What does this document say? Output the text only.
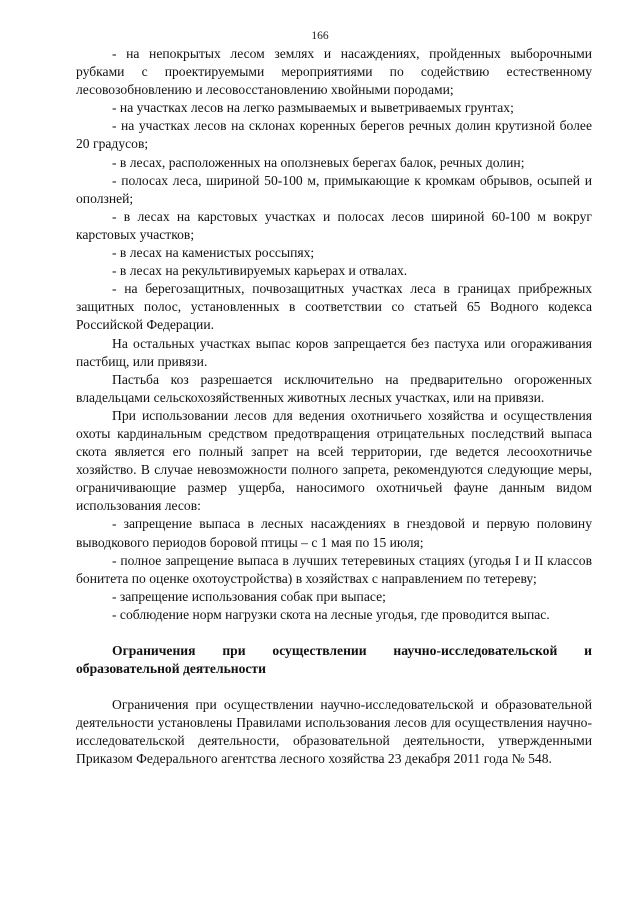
166

- на непокрытых лесом землях и насаждениях, пройденных выборочными рубками с проектируемыми мероприятиями по содействию естественному лесовозобновлению и лесовосстановлению хвойными породами;

- на участках лесов на легко размываемых и выветриваемых грунтах;

- на участках лесов на склонах коренных берегов речных долин крутизной более 20 градусов;

- в лесах, расположенных на оползневых берегах балок, речных долин;

- полосах леса, шириной 50-100 м, примыкающие к кромкам обрывов, осыпей и оползней;

- в лесах на карстовых участках и полосах лесов шириной 60-100 м вокруг карстовых участков;

- в лесах на каменистых россыпях;

- в лесах на рекультивируемых карьерах и отвалах.

- на берегозащитных, почвозащитных участках леса в границах прибрежных защитных полос, установленных в соответствии со статьей 65 Водного кодекса Российской Федерации.

На остальных участках выпас коров запрещается без пастуха или огораживания пастбищ, или привязи.

Пастьба коз разрешается исключительно на предварительно огороженных владельцами сельскохозяйственных животных лесных участках, или на привязи.

При использовании лесов для ведения охотничьего хозяйства и осуществления охоты кардинальным средством предотвращения отрицательных последствий выпаса скота является его полный запрет на всей территории, где ведется лесоохотничье хозяйство. В случае невозможности полного запрета, рекомендуются следующие меры, ограничивающие размер ущерба, наносимого охотничьей фауне данным видом использования лесов:

- запрещение выпаса в лесных насаждениях в гнездовой и первую половину выводкового периодов боровой птицы – с 1 мая по 15 июля;

- полное запрещение выпаса в лучших тетеревиных стациях (угодья I и II классов бонитета по оценке охотоустройства) в хозяйствах с направлением по тетереву;

- запрещение использования собак при выпасе;

- соблюдение норм нагрузки скота на лесные угодья, где проводится выпас.

Ограничения при осуществлении научно-исследовательской и образовательной деятельности

Ограничения при осуществлении научно-исследовательской и образовательной деятельности установлены Правилами использования лесов для осуществления научно-исследовательской деятельности, образовательной деятельности, утвержденными Приказом Федерального агентства лесного хозяйства 23 декабря 2011 года № 548.
